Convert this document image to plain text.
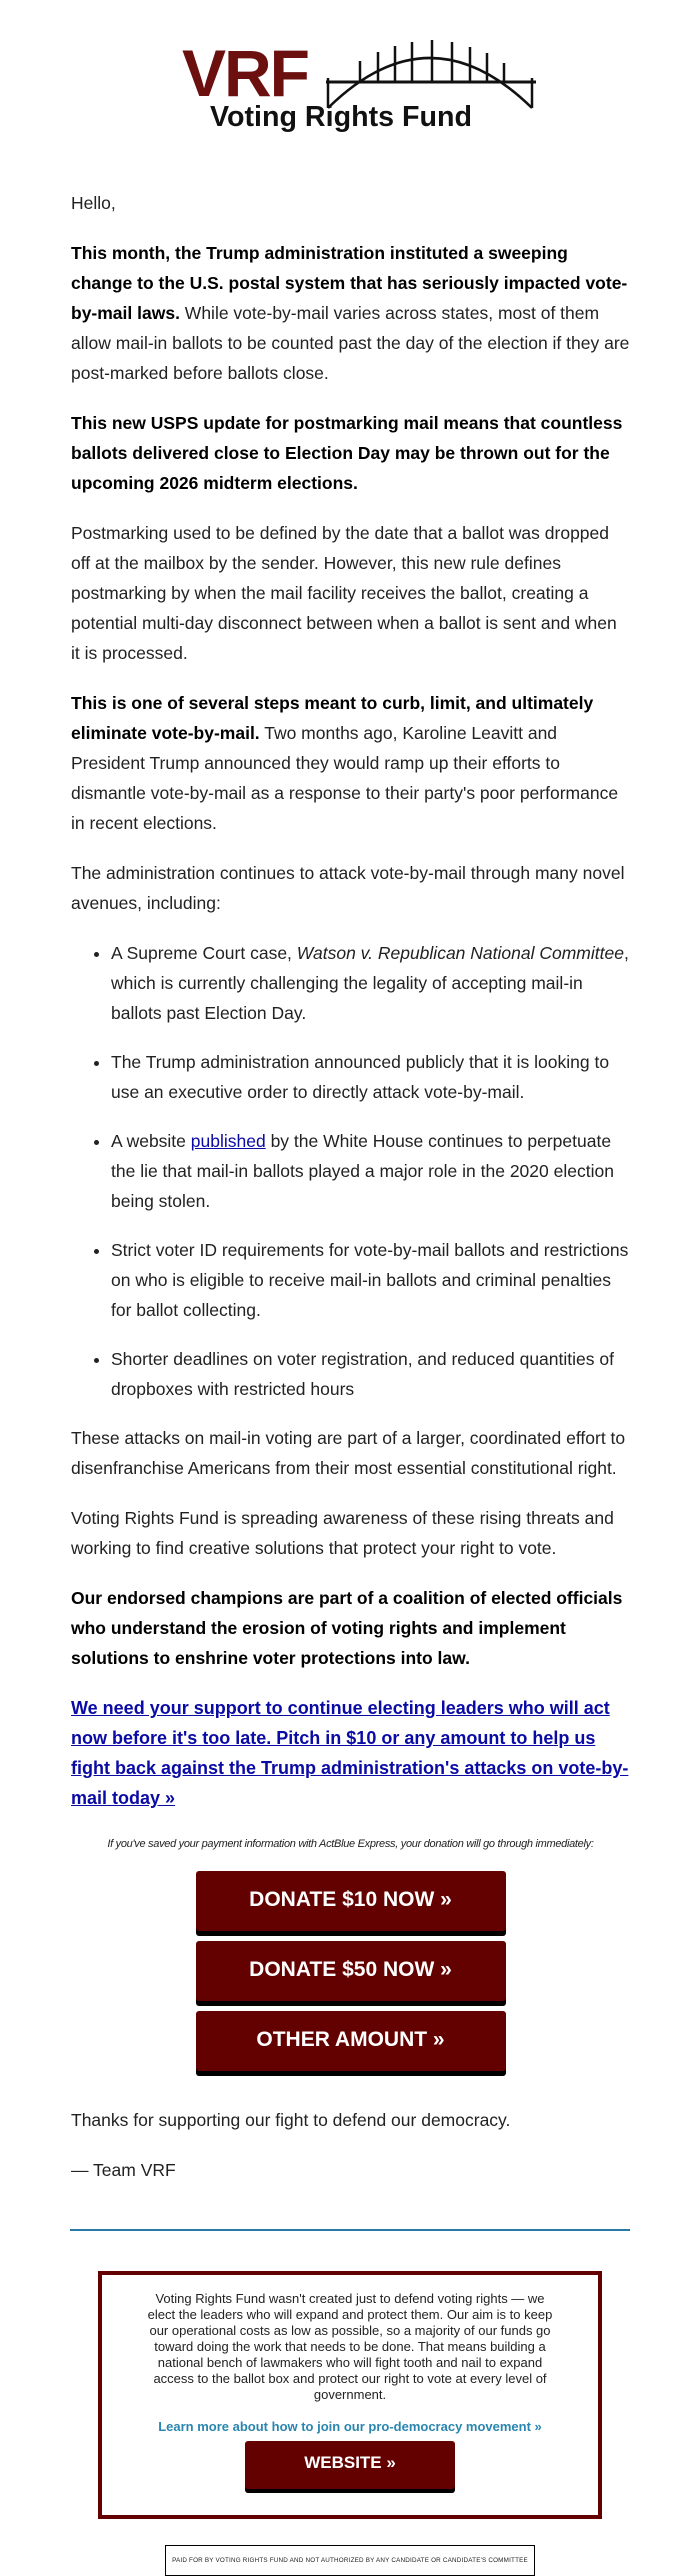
VRF
Voting Rights Fund

Hello,

This month, the Trump administration instituted a sweeping change to the U.S. postal system that has seriously impacted vote-by-mail laws. While vote-by-mail varies across states, most of them allow mail-in ballots to be counted past the day of the election if they are post-marked before ballots close.

This new USPS update for postmarking mail means that countless ballots delivered close to Election Day may be thrown out for the upcoming 2026 midterm elections.

Postmarking used to be defined by the date that a ballot was dropped off at the mailbox by the sender. However, this new rule defines postmarking by when the mail facility receives the ballot, creating a potential multi-day disconnect between when a ballot is sent and when it is processed.

This is one of several steps meant to curb, limit, and ultimately eliminate vote-by-mail. Two months ago, Karoline Leavitt and President Trump announced they would ramp up their efforts to dismantle vote-by-mail as a response to their party's poor performance in recent elections.

The administration continues to attack vote-by-mail through many novel avenues, including:

• A Supreme Court case, Watson v. Republican National Committee, which is currently challenging the legality of accepting mail-in ballots past Election Day.
• The Trump administration announced publicly that it is looking to use an executive order to directly attack vote-by-mail.
• A website published by the White House continues to perpetuate the lie that mail-in ballots played a major role in the 2020 election being stolen.
• Strict voter ID requirements for vote-by-mail ballots and restrictions on who is eligible to receive mail-in ballots and criminal penalties for ballot collecting.
• Shorter deadlines on voter registration, and reduced quantities of dropboxes with restricted hours

These attacks on mail-in voting are part of a larger, coordinated effort to disenfranchise Americans from their most essential constitutional right.

Voting Rights Fund is spreading awareness of these rising threats and working to find creative solutions that protect your right to vote.

Our endorsed champions are part of a coalition of elected officials who understand the erosion of voting rights and implement solutions to enshrine voter protections into law.

We need your support to continue electing leaders who will act now before it's too late. Pitch in $10 or any amount to help us fight back against the Trump administration's attacks on vote-by-mail today »
If you've saved your payment information with ActBlue Express, your donation will go through immediately:
DONATE $10 NOW »
DONATE $50 NOW »
OTHER AMOUNT »

Thanks for supporting our fight to defend our democracy.

— Team VRF

Voting Rights Fund wasn't created just to defend voting rights — we elect the leaders who will expand and protect them. Our aim is to keep our operational costs as low as possible, so a majority of our funds go toward doing the work that needs to be done. That means building a national bench of lawmakers who will fight tooth and nail to expand access to the ballot box and protect our right to vote at every level of government.
Learn more about how to join our pro-democracy movement »
WEBSITE »
PAID FOR BY VOTING RIGHTS FUND AND NOT AUTHORIZED BY ANY CANDIDATE OR CANDIDATE'S COMMITTEE
